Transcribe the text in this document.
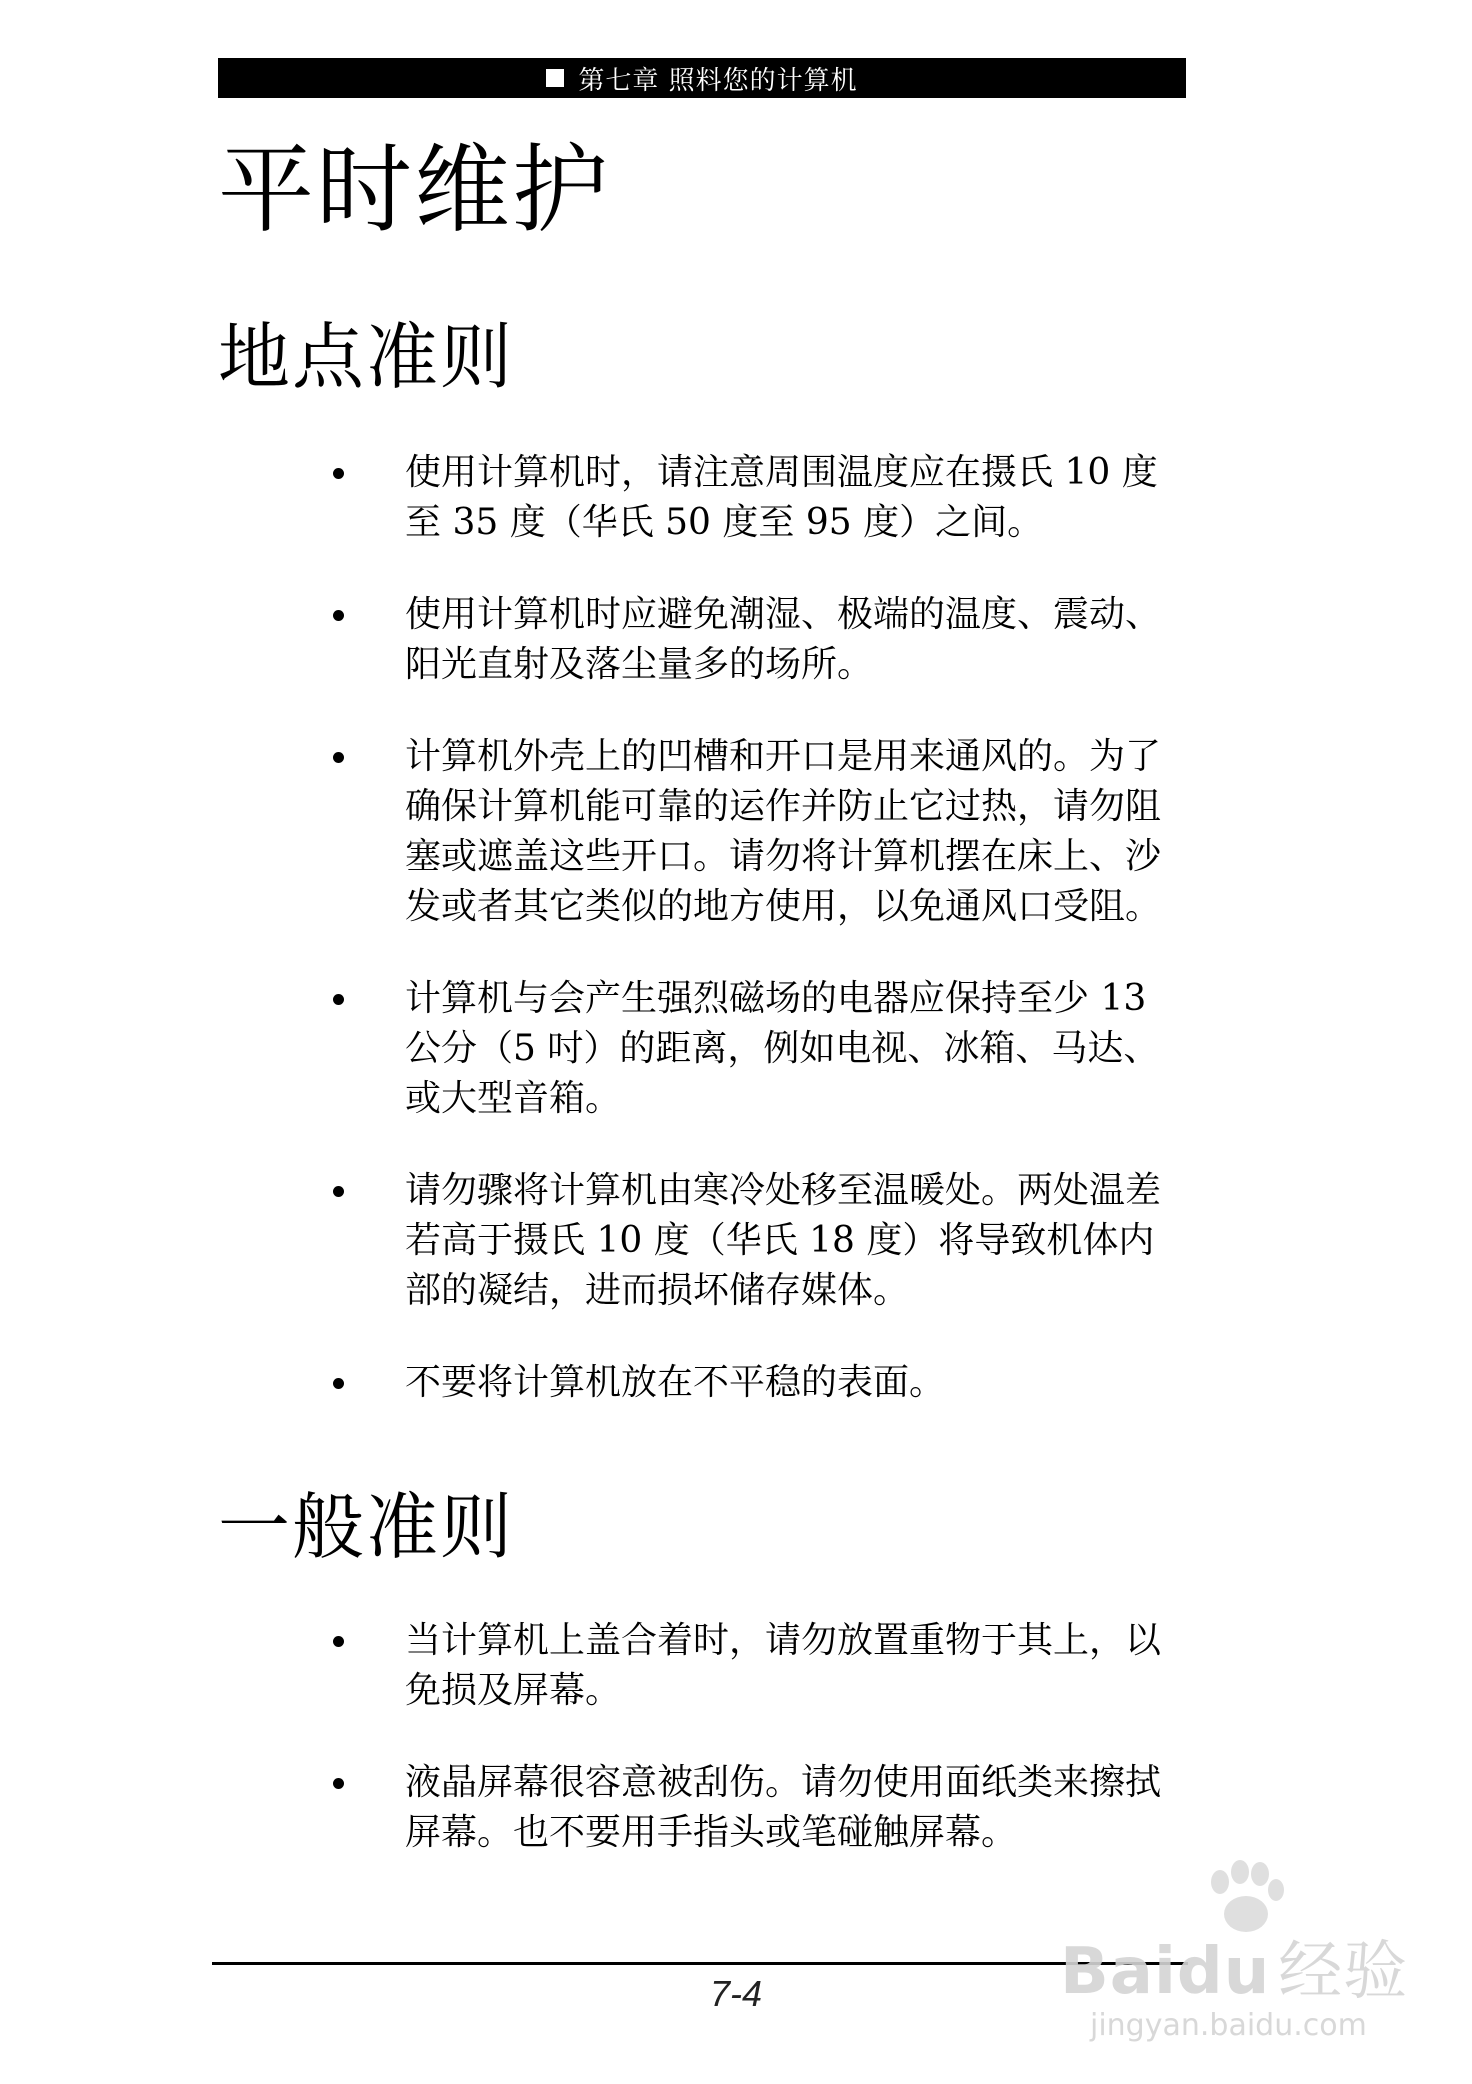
第七章 照料您的计算机
平时维护
地点准则
使用计算机时，请注意周围温度应在摄氏 10 度至 35 度（华氏 50 度至 95 度）之间。
使用计算机时应避免潮湿、极端的温度、震动、阳光直射及落尘量多的场所。
计算机外壳上的凹槽和开口是用来通风的。为了确保计算机能可靠的运作并防止它过热，请勿阻塞或遮盖这些开口。请勿将计算机摆在床上、沙发或者其它类似的地方使用，以免通风口受阻。
计算机与会产生强烈磁场的电器应保持至少 13 公分（5 吋）的距离，例如电视、冰箱、马达、或大型音箱。
请勿骤将计算机由寒冷处移至温暖处。两处温差若高于摄氏 10 度（华氏 18 度）将导致机体内部的凝结，进而损坏储存媒体。
不要将计算机放在不平稳的表面。
一般准则
当计算机上盖合着时，请勿放置重物于其上，以免损及屏幕。
液晶屏幕很容意被刮伤。请勿使用面纸类来擦拭屏幕。也不要用手指头或笔碰触屏幕。
7-4	Baidu 经验
jingyan.baidu.com
